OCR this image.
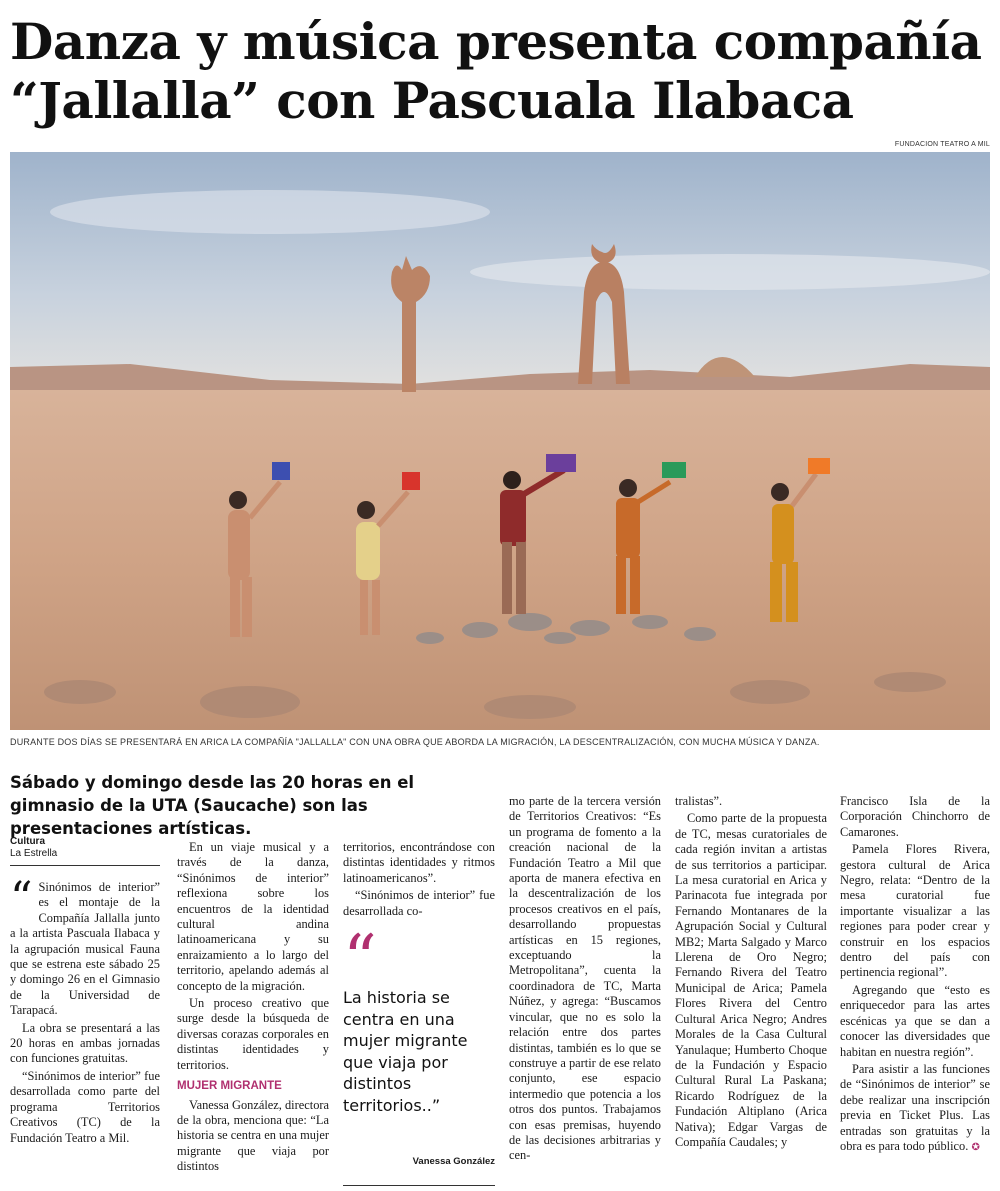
Danza y música presenta compañía
“Jallalla” con Pascuala Ilabaca
FUNDACION TEATRO A MIL
DURANTE DOS DÍAS SE PRESENTARÁ EN ARICA LA COMPAÑÍA "JALLALLA" CON UNA OBRA QUE ABORDA LA MIGRACIÓN, LA DESCENTRALIZACIÓN, CON MUCHA MÚSICA Y DANZA.
Sábado y domingo desde las 20 horas en el gimnasio de la UTA (Saucache) son las presentaciones artísticas.
Cultura
La Estrella

“ Sinónimos de interior” es el montaje de la Compañía Jallalla junto a la artista Pascuala Ilabaca y la agrupación musical Fauna que se estrena este sábado 25 y domingo 26 en el Gimnasio de la Universidad de Tarapacá.

La obra se presentará a las 20 horas en ambas jornadas con funciones gratuitas.

“Sinónimos de interior” fue desarrollada como parte del programa Territorios Creativos (TC) de la Fundación Teatro a Mil.

En un viaje musical y a través de la danza, “Sinónimos de interior” reflexiona sobre los encuentros de la identidad cultural andina latinoamericana y su enraizamiento a lo largo del territorio, apelando además al concepto de la migración.

Un proceso creativo que surge desde la búsqueda de diversas corazas corporales en distintas identidades y territorios.

MUJER MIGRANTE

Vanessa González, directora de la obra, menciona que: “La historia se centra en una mujer migrante que viaja por distintos

territorios, encontrándose con distintas identidades y ritmos latinoamericanos”.

“Sinónimos de interior” fue desarrollada co-

“
La historia se centra en una mujer migrante que viaja por distintos territorios..”
Vanessa González

mo parte de la tercera versión de Territorios Creativos: “Es un programa de fomento a la creación nacional de la Fundación Teatro a Mil que aporta de manera efectiva en la descentralización de los procesos creativos en el país, desarrollando propuestas artísticas en 15 regiones, exceptuando la Metropolitana”, cuenta la coordinadora de TC, Marta Núñez, y agrega: “Buscamos vincular, que no es solo la relación entre dos partes distintas, también es lo que se construye a partir de ese relato conjunto, ese espacio intermedio que potencia a los otros dos puntos. Trabajamos con esas premisas, huyendo de las decisiones arbitrarias y cen-

tralistas”.

Como parte de la propuesta de TC, mesas curatoriales de cada región invitan a artistas de sus territorios a participar. La mesa curatorial en Arica y Parinacota fue integrada por Fernando Montanares de la Agrupación Social y Cultural MB2; Marta Salgado y Marco Llerena de Oro Negro; Fernando Rivera del Teatro Municipal de Arica; Pamela Flores Rivera del Centro Cultural Arica Negro; Andres Morales de la Casa Cultural Yanulaque; Humberto Choque de la Fundación y Espacio Cultural Rural La Paskana; Ricardo Rodríguez de la Fundación Altiplano (Arica Nativa); Edgar Vargas de Compañía Caudales; y

Francisco Isla de la Corporación Chinchorro de Camarones.

Pamela Flores Rivera, gestora cultural de Arica Negro, relata: “Dentro de la mesa curatorial fue importante visualizar a las regiones para poder crear y construir en los espacios dentro del país con pertinencia regional”.

Agregando que “esto es enriquecedor para las artes escénicas ya que se dan a conocer las diversidades que habitan en nuestra región”.

Para asistir a las funciones de “Sinónimos de interior” se debe realizar una inscripción previa en Ticket Plus. Las entradas son gratuitas y la obra es para todo público. ✪
